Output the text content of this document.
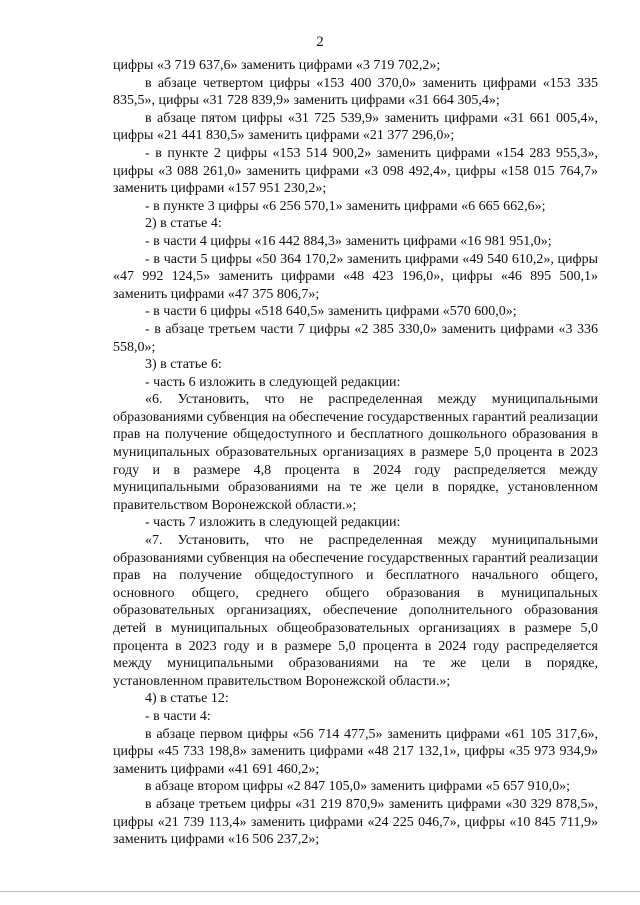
2

цифры «3 719 637,6» заменить цифрами «3 719 702,2»;

в абзаце четвертом цифры «153 400 370,0» заменить цифрами «153 335 835,5», цифры «31 728 839,9» заменить цифрами «31 664 305,4»;

в абзаце пятом цифры «31 725 539,9» заменить цифрами «31 661 005,4», цифры «21 441 830,5» заменить цифрами «21 377 296,0»;

- в пункте 2 цифры «153 514 900,2» заменить цифрами «154 283 955,3», цифры «3 088 261,0» заменить цифрами «3 098 492,4», цифры «158 015 764,7» заменить цифрами «157 951 230,2»;

- в пункте 3 цифры «6 256 570,1» заменить цифрами «6 665 662,6»;

2) в статье 4:

- в части 4 цифры «16 442 884,3» заменить цифрами «16 981 951,0»;

- в части 5 цифры «50 364 170,2» заменить цифрами «49 540 610,2», цифры «47 992 124,5» заменить цифрами «48 423 196,0», цифры «46 895 500,1» заменить цифрами «47 375 806,7»;

- в части 6 цифры «518 640,5» заменить цифрами «570 600,0»;

- в абзаце третьем части 7 цифры «2 385 330,0» заменить цифрами «3 336 558,0»;

3) в статье 6:

- часть 6 изложить в следующей редакции:

«6. Установить, что не распределенная между муниципальными образованиями субвенция на обеспечение государственных гарантий реализации прав на получение общедоступного и бесплатного дошкольного образования в муниципальных образовательных организациях в размере 5,0 процента в 2023 году и в размере 4,8 процента в 2024 году распределяется между муниципальными образованиями на те же цели в порядке, установленном правительством Воронежской области.»;

- часть 7 изложить в следующей редакции:

«7. Установить, что не распределенная между муниципальными образованиями субвенция на обеспечение государственных гарантий реализации прав на получение общедоступного и бесплатного начального общего, основного общего, среднего общего образования в муниципальных образовательных организациях, обеспечение дополнительного образования детей в муниципальных общеобразовательных организациях в размере 5,0 процента в 2023 году и в размере 5,0 процента в 2024 году распределяется между муниципальными образованиями на те же цели в порядке, установленном правительством Воронежской области.»;

4) в статье 12:

- в части 4:

в абзаце первом цифры «56 714 477,5» заменить цифрами «61 105 317,6», цифры «45 733 198,8» заменить цифрами «48 217 132,1», цифры «35 973 934,9» заменить цифрами «41 691 460,2»;

в абзаце втором цифры «2 847 105,0» заменить цифрами «5 657 910,0»;

в абзаце третьем цифры «31 219 870,9» заменить цифрами «30 329 878,5», цифры «21 739 113,4» заменить цифрами «24 225 046,7», цифры «10 845 711,9» заменить цифрами «16 506 237,2»;
